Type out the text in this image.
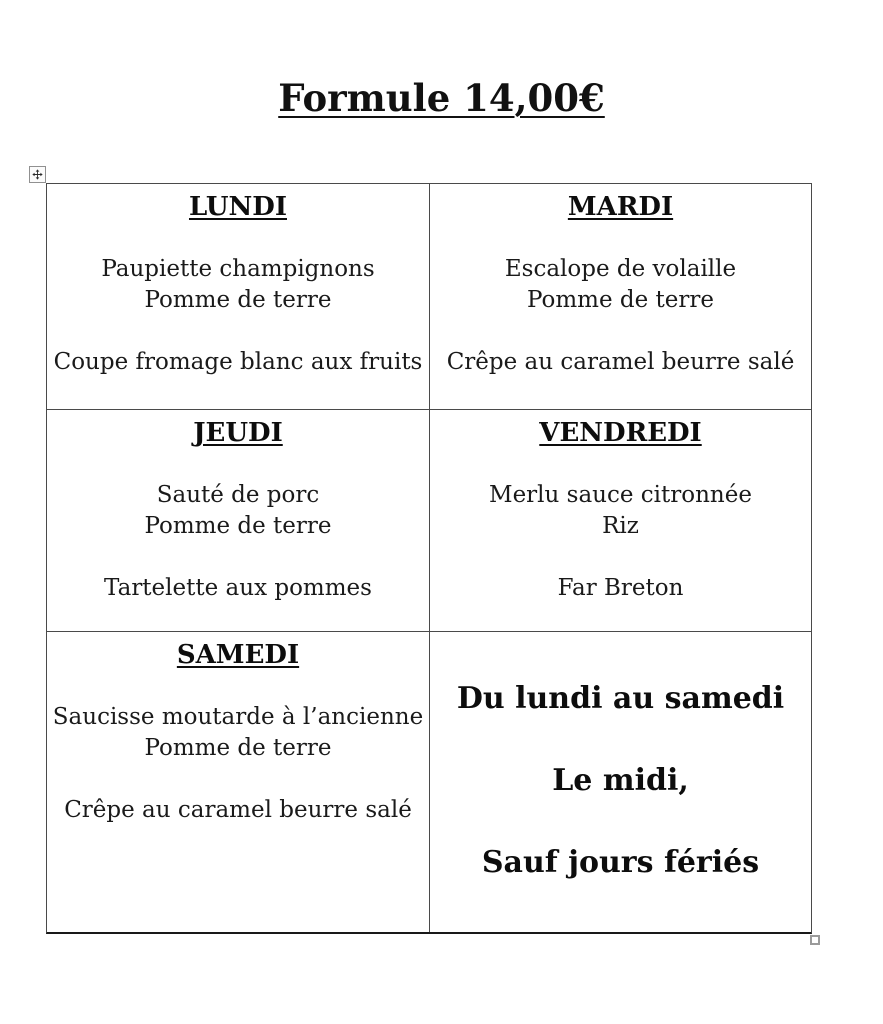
Formule 14,00€
LUNDI
Paupiette champignons
Pomme de terre
Coupe fromage blanc aux fruits
MARDI
Escalope de volaille
Pomme de terre
Crêpe au caramel beurre salé
JEUDI
Sauté de porc
Pomme de terre
Tartelette aux pommes
VENDREDI
Merlu sauce citronnée
Riz
Far Breton
SAMEDI
Saucisse moutarde à l’ancienne
Pomme de terre
Crêpe au caramel beurre salé
Du lundi au samedi
Le midi,
Sauf jours fériés
